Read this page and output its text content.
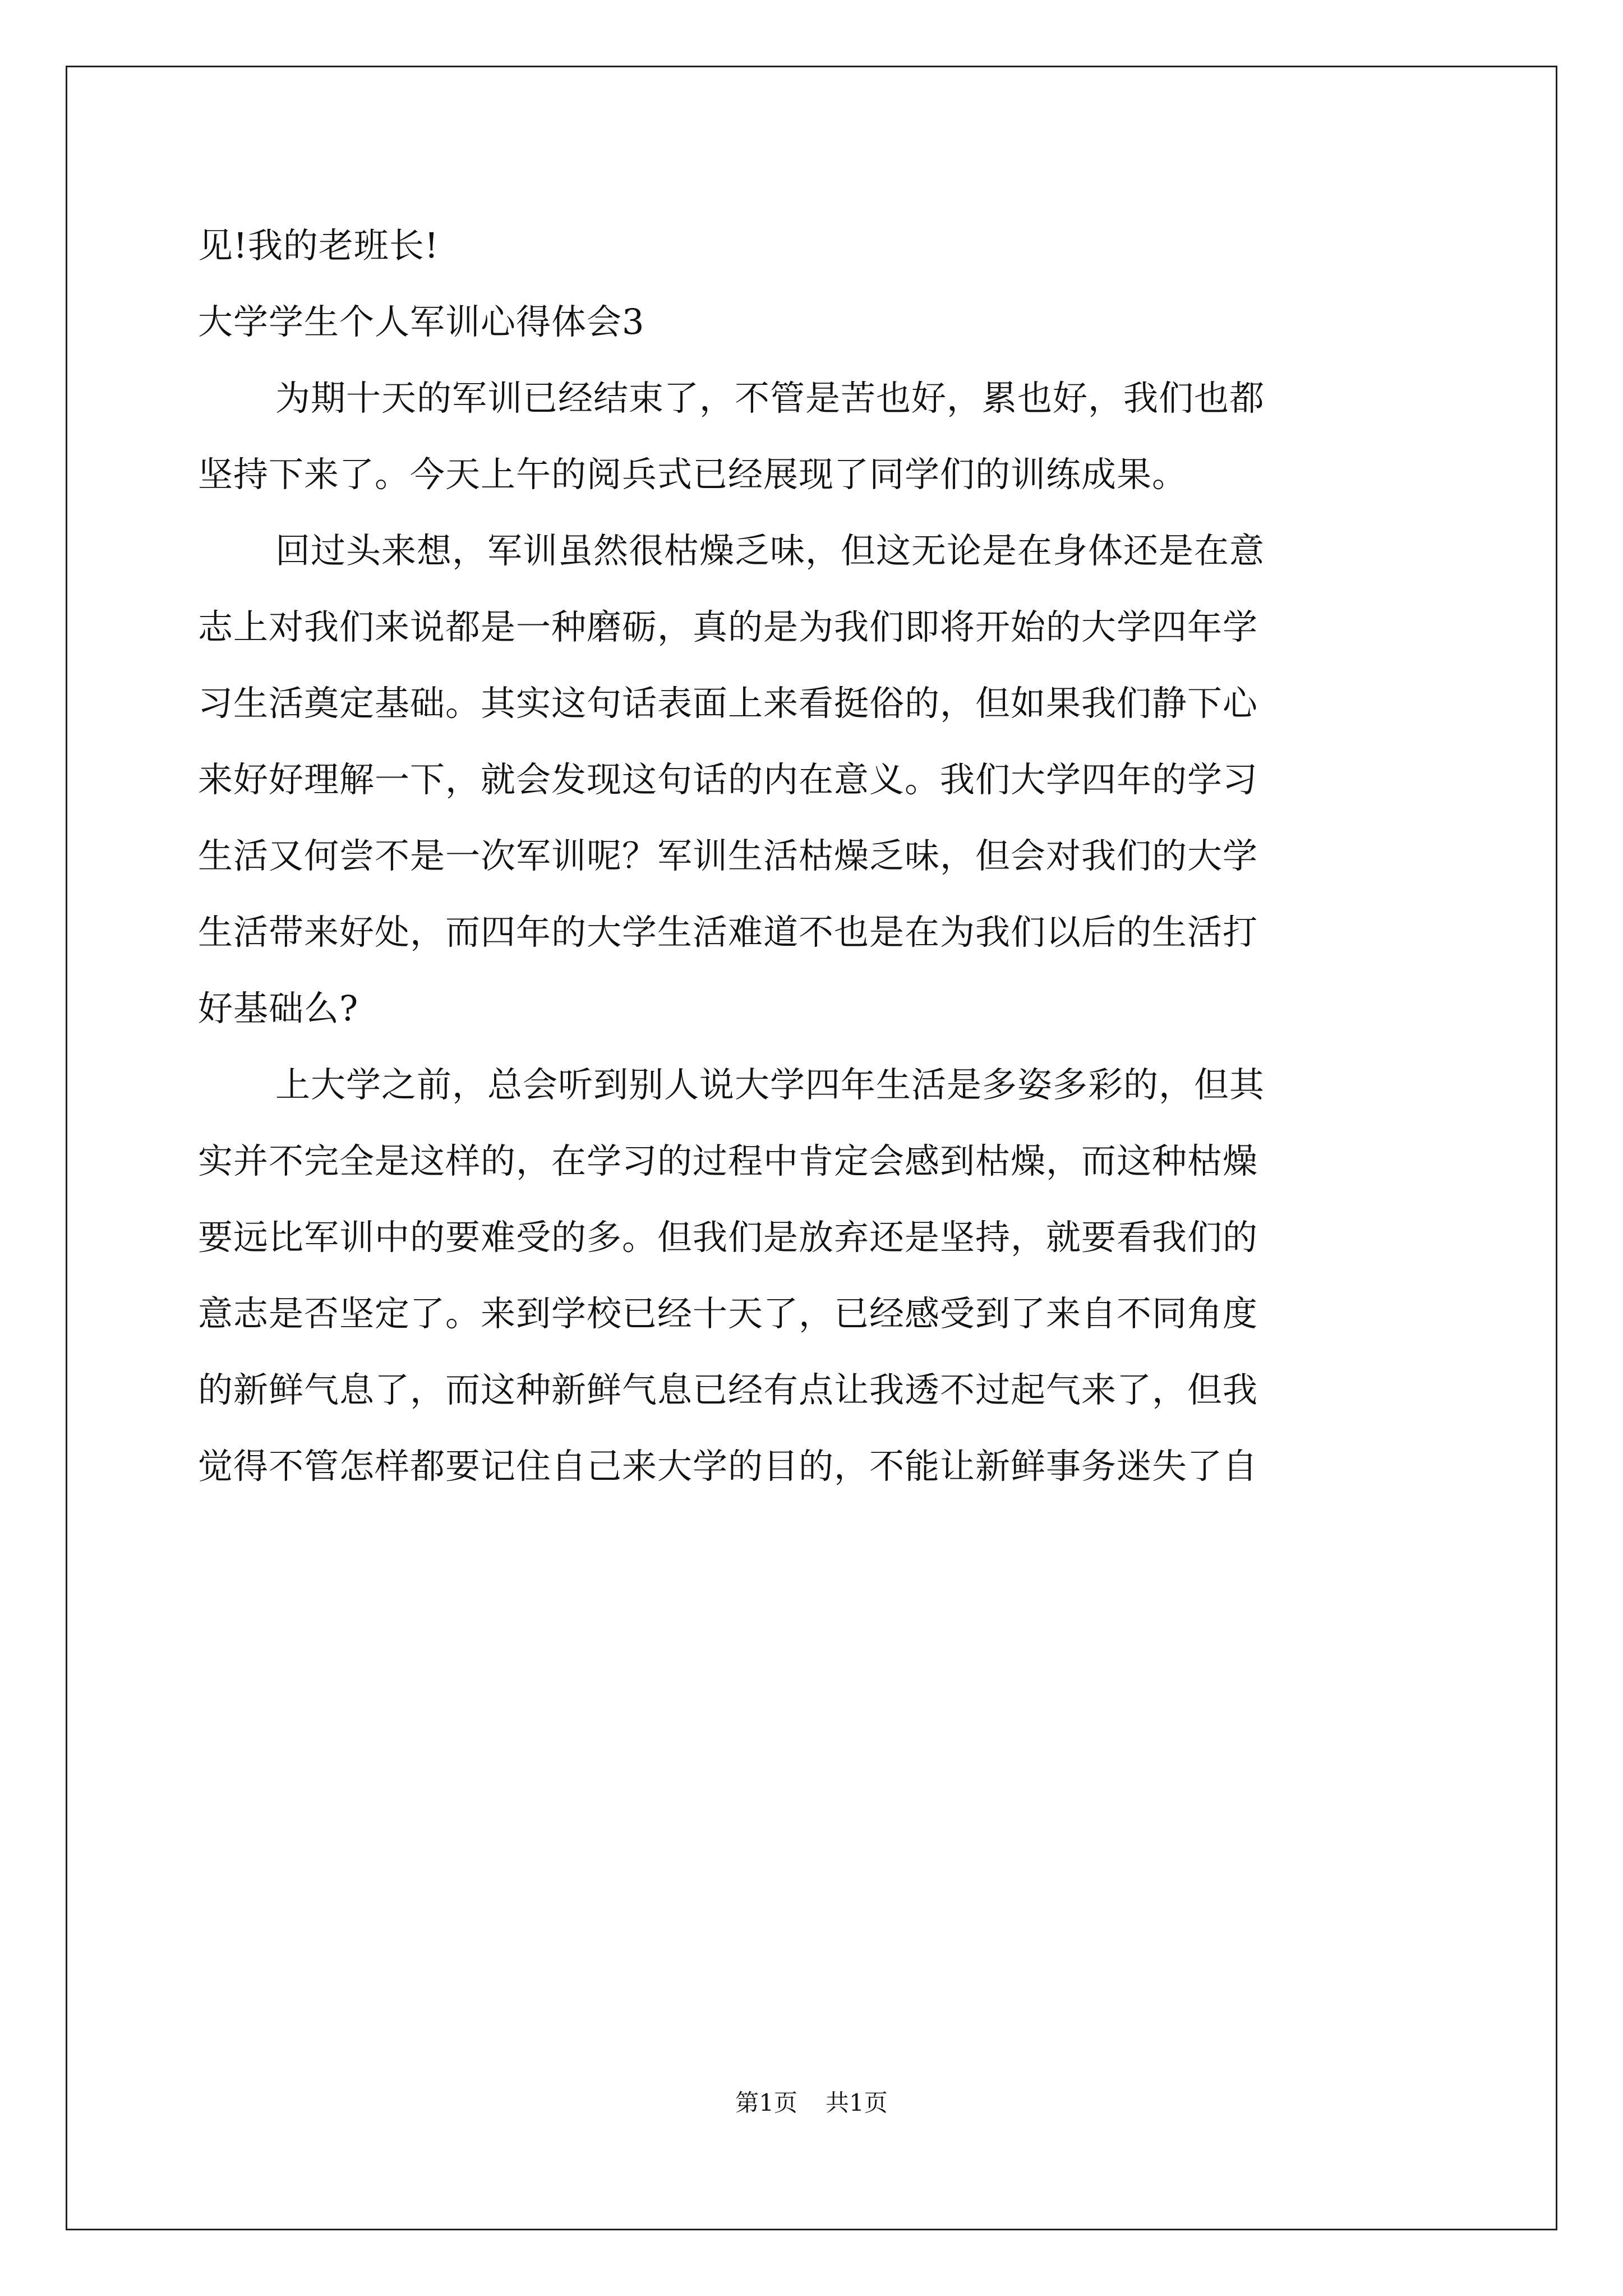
见!我的老班长!
大学学生个人军训心得体会3
为期十天的军训已经结束了，不管是苦也好，累也好，我们也都
坚持下来了。今天上午的阅兵式已经展现了同学们的训练成果。
回过头来想，军训虽然很枯燥乏味，但这无论是在身体还是在意
志上对我们来说都是一种磨砺，真的是为我们即将开始的大学四年学
习生活奠定基础。其实这句话表面上来看挺俗的，但如果我们静下心
来好好理解一下，就会发现这句话的内在意义。我们大学四年的学习
生活又何尝不是一次军训呢？军训生活枯燥乏味，但会对我们的大学
生活带来好处，而四年的大学生活难道不也是在为我们以后的生活打
好基础么?
上大学之前，总会听到别人说大学四年生活是多姿多彩的，但其
实并不完全是这样的，在学习的过程中肯定会感到枯燥，而这种枯燥
要远比军训中的要难受的多。但我们是放弃还是坚持，就要看我们的
意志是否坚定了。来到学校已经十天了，已经感受到了来自不同角度
的新鲜气息了，而这种新鲜气息已经有点让我透不过起气来了，但我
觉得不管怎样都要记住自己来大学的目的，不能让新鲜事务迷失了自
第1页 共1页
